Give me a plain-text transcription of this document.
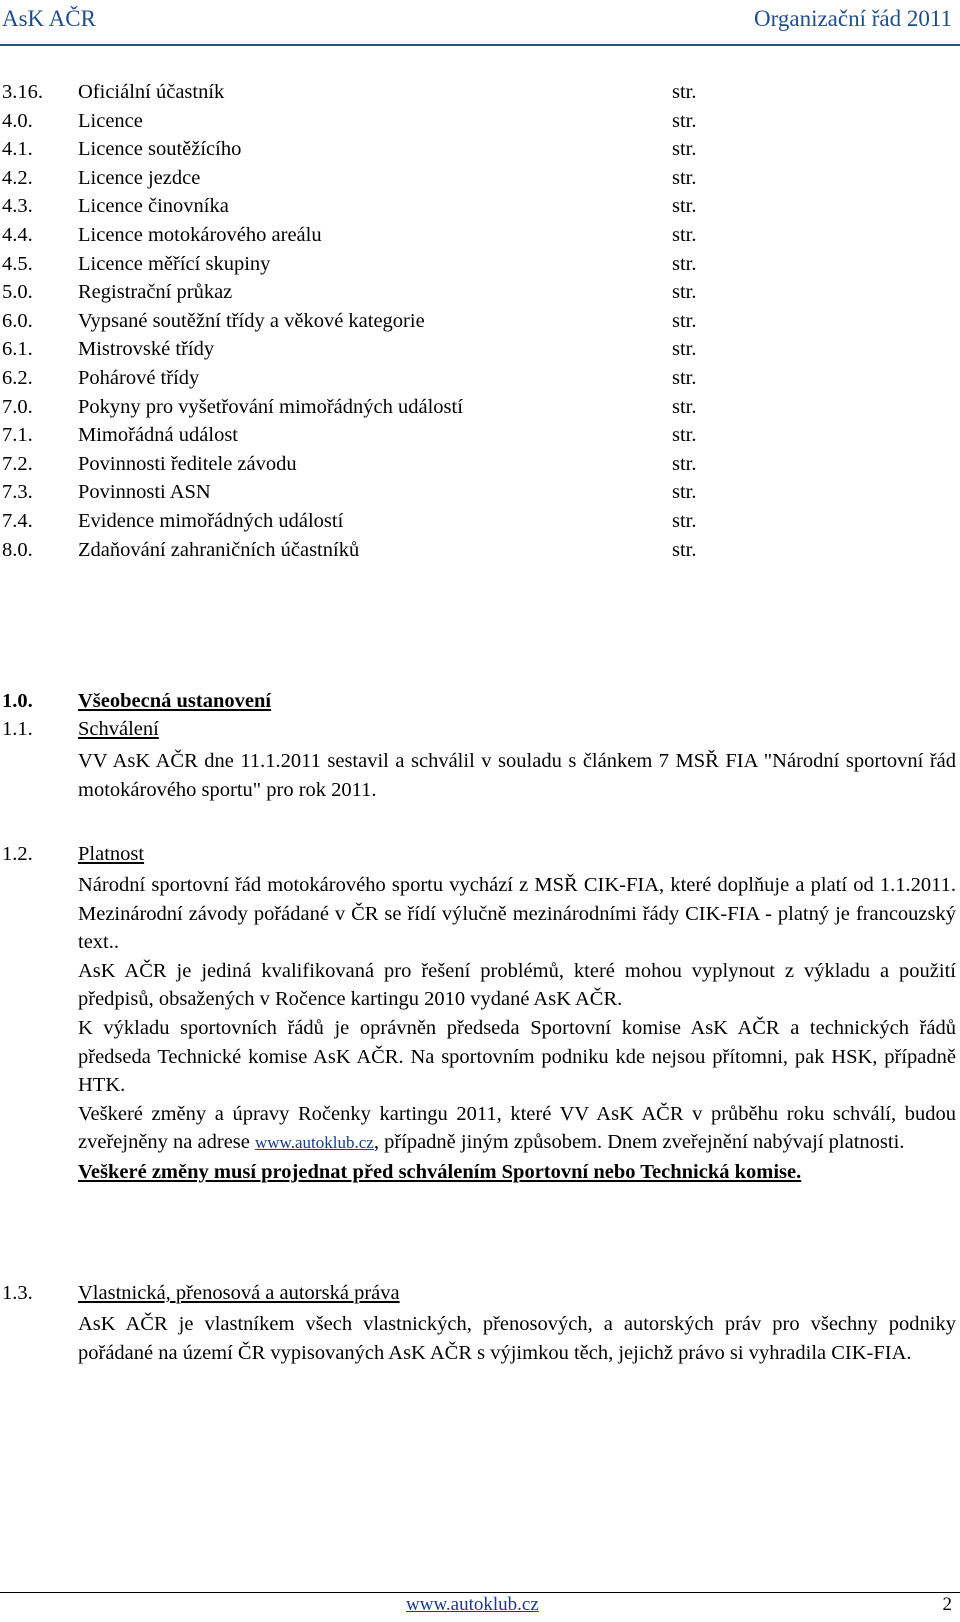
AsK AČR	Organizační řád 2011
3.16. Oficiální účastník	str.
4.0. Licence	str.
4.1. Licence soutěžícího	str.
4.2. Licence jezdce	str.
4.3. Licence činovníka	str.
4.4. Licence motokárového areálu	str.
4.5. Licence měřící skupiny	str.
5.0. Registrační průkaz	str.
6.0. Vypsané soutěžní třídy a věkové kategorie	str.
6.1. Mistrovské třídy	str.
6.2. Pohárové třídy	str.
7.0. Pokyny pro vyšetřování mimořádných událostí	str.
7.1. Mimořádná událost	str.
7.2. Povinnosti ředitele závodu	str.
7.3. Povinnosti ASN	str.
7.4. Evidence mimořádných událostí	str.
8.0. Zdaňování zahraničních účastníků	str.
1.0. Všeobecná ustanovení
1.1. Schválení

VV AsK AČR dne 11.1.2011 sestavil a schválil v souladu s článkem 7 MSŘ FIA "Národní sportovní řád motokárového sportu" pro rok 2011.

1.2. Platnost

Národní sportovní řád motokárového sportu vychází z MSŘ CIK-FIA, které doplňuje a platí od 1.1.2011. Mezinárodní závody pořádané v ČR se řídí výlučně mezinárodními řády CIK-FIA - platný je francouzský text..

AsK AČR je jediná kvalifikovaná pro řešení problémů, které mohou vyplynout z výkladu a použití předpisů, obsažených v Ročence kartingu 2010 vydané AsK AČR.

K výkladu sportovních řádů je oprávněn předseda Sportovní komise AsK AČR a technických řádů předseda Technické komise AsK AČR. Na sportovním podniku kde nejsou přítomni, pak HSK, případně HTK.

Veškeré změny a úpravy Ročenky kartingu 2011, které VV AsK AČR v průběhu roku schválí, budou zveřejněny na adrese www.autoklub.cz, případně jiným způsobem. Dnem zveřejnění nabývají platnosti.

Veškeré změny musí projednat před schválením Sportovní nebo Technická komise.

1.3. Vlastnická, přenosová a autorská práva

AsK AČR je vlastníkem všech vlastnických, přenosových, a autorských práv pro všechny podniky pořádané na území ČR vypisovaných AsK AČR s výjimkou těch, jejichž právo si vyhradila CIK-FIA.

www.autoklub.cz	2
